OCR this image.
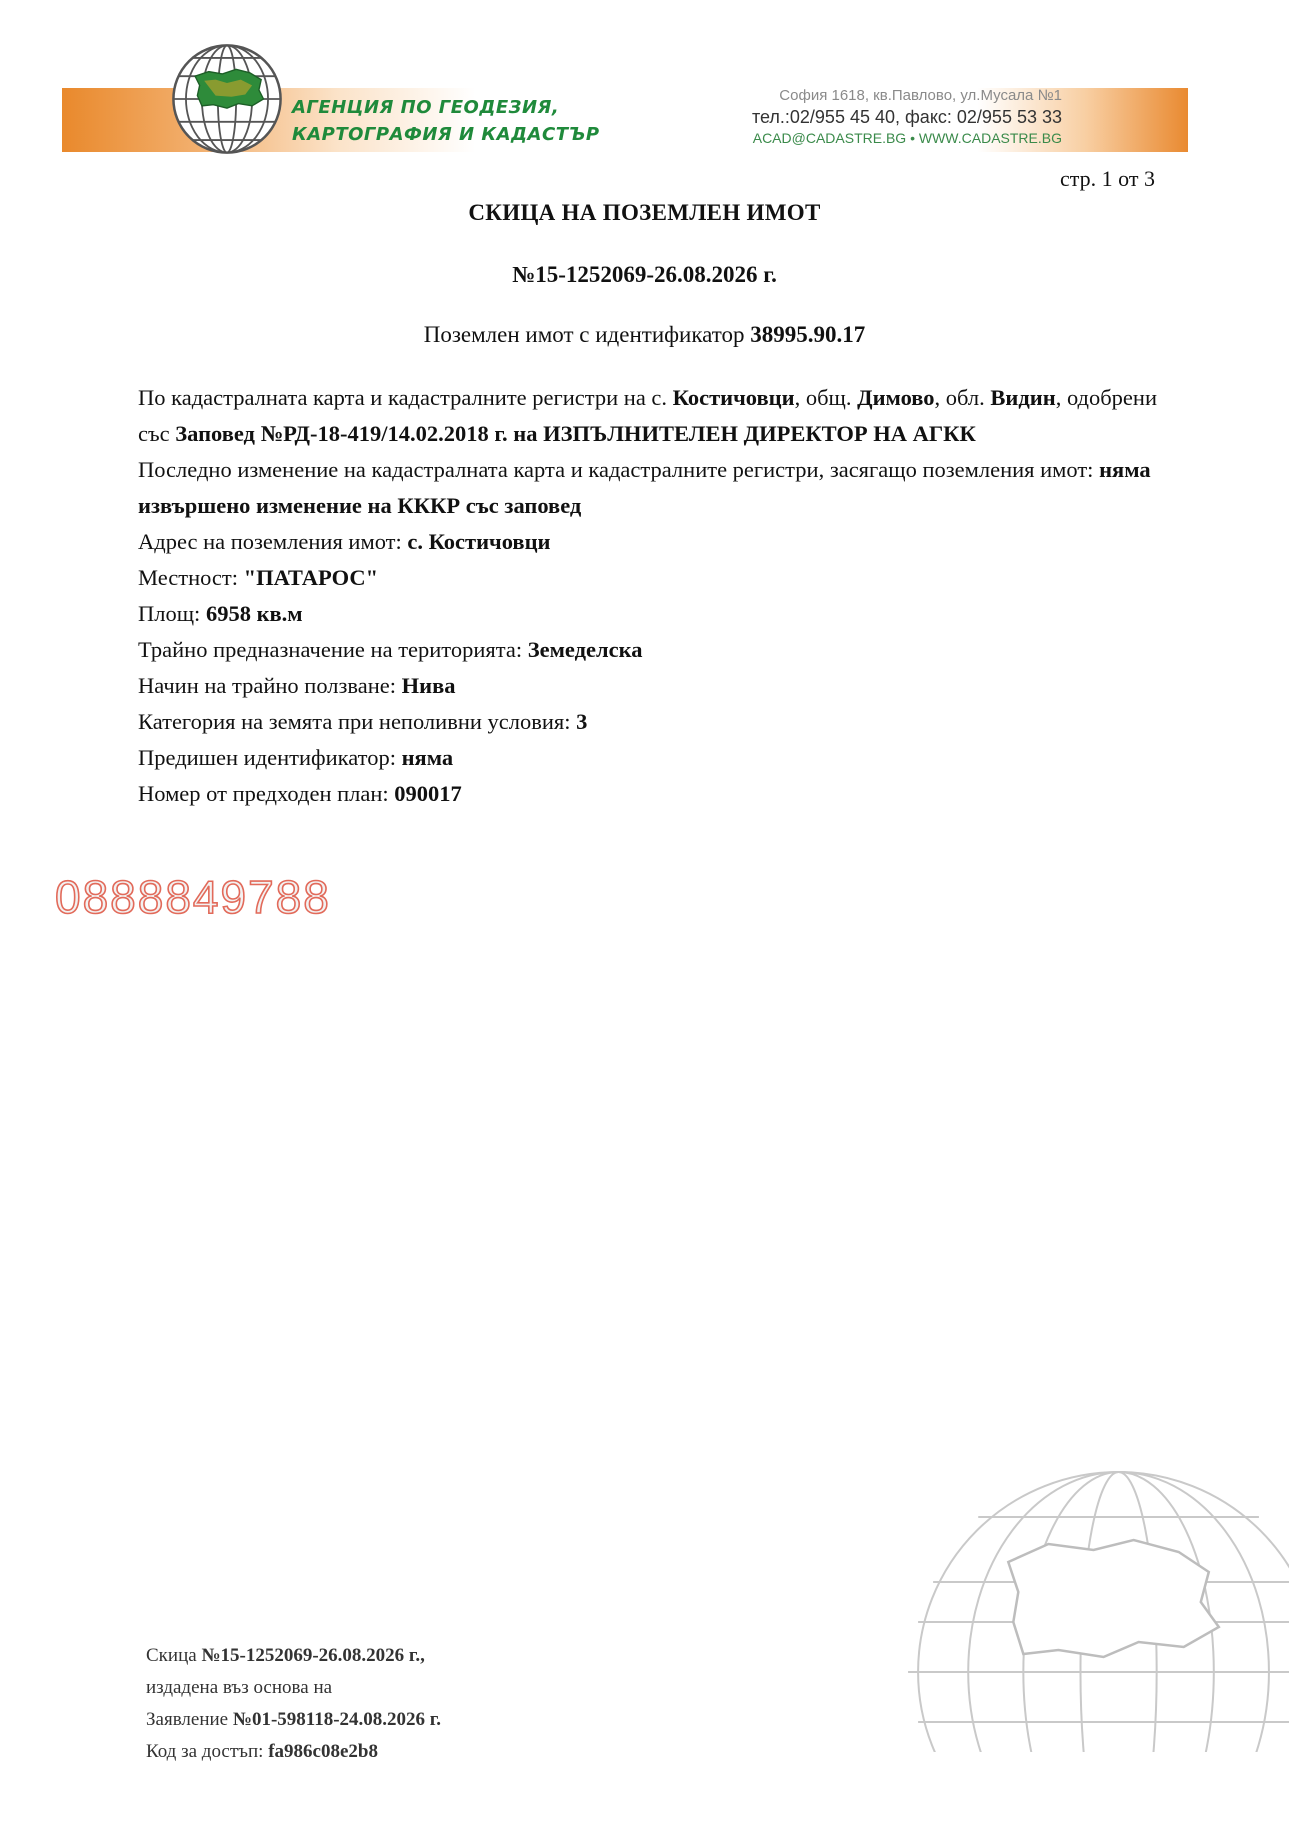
АГЕНЦИЯ ПО ГЕОДЕЗИЯ,
КАРТОГРАФИЯ И КАДАСТЪР
София 1618, кв.Павлово, ул.Мусала №1
тел.:02/955 45 40, факс: 02/955 53 33
ACAD@CADASTRE.BG • WWW.CADASTRE.BG
стр. 1 от 3
СКИЦА НА ПОЗЕМЛЕН ИМОТ
№15-1252069-26.08.2026 г.
Поземлен имот с идентификатор 38995.90.17

По кадастралната карта и кадастралните регистри на с. Костичовци, общ. Димово, обл. Видин, одобрени със Заповед №РД-18-419/14.02.2018 г. на ИЗПЪЛНИТЕЛЕН ДИРЕКТОР НА АГКК

Последно изменение на кадастралната карта и кадастралните регистри, засягащо поземления имот: няма извършено изменение на КККР със заповед

Адрес на поземления имот: с. Костичовци

Местност: "ПАТАРОС"

Площ: 6958 кв.м

Трайно предназначение на територията: Земеделска

Начин на трайно ползване: Нива

Категория на земята при неполивни условия: 3

Предишен идентификатор: няма

Номер от предходен план: 090017

0888849788
Скица №15-1252069-26.08.2026 г.,
издадена въз основа на
Заявление №01-598118-24.08.2026 г.
Код за достъп: fa986c08e2b8
